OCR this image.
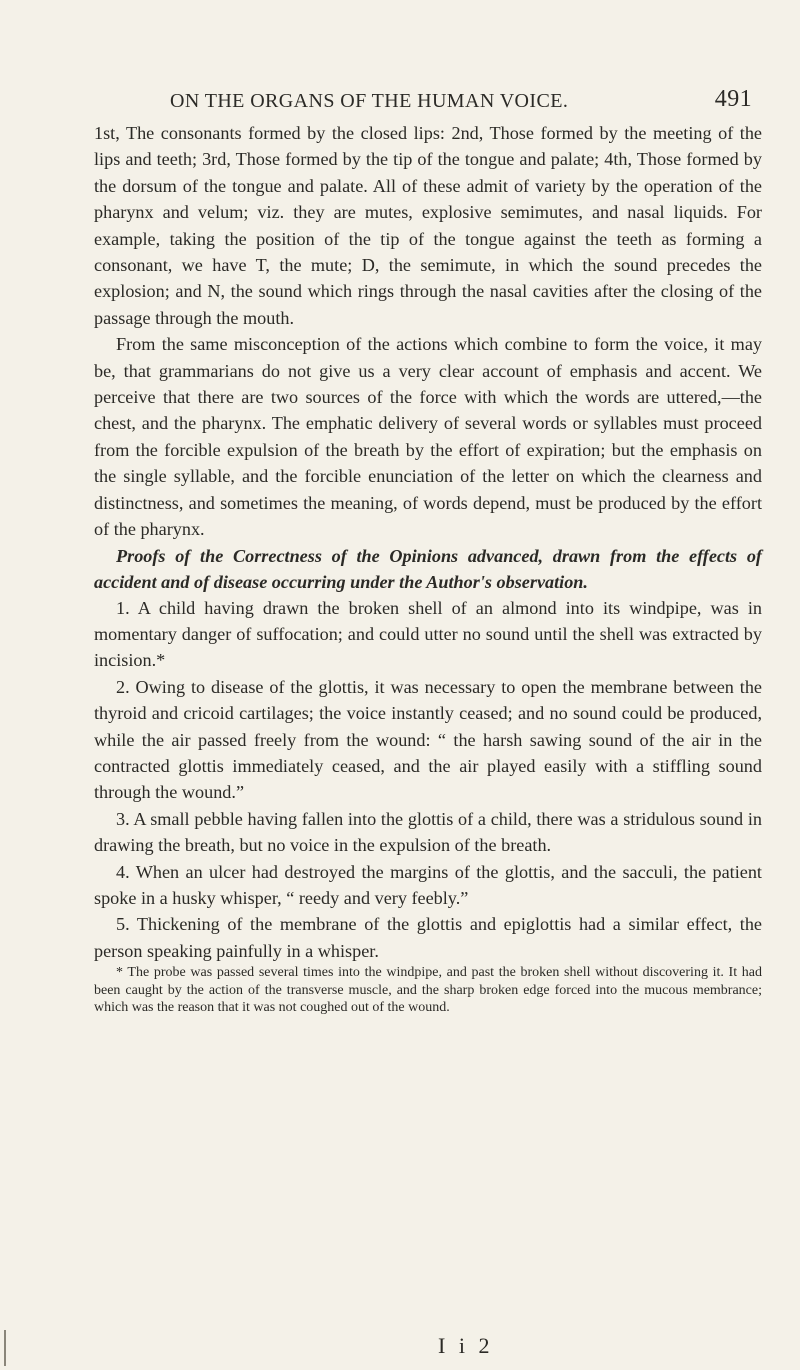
ON THE ORGANS OF THE HUMAN VOICE.	491

1st, The consonants formed by the closed lips: 2nd, Those formed by the meeting of the lips and teeth; 3rd, Those formed by the tip of the tongue and palate; 4th, Those formed by the dorsum of the tongue and palate. All of these admit of variety by the operation of the pharynx and velum; viz. they are mutes, explosive semimutes, and nasal liquids. For example, taking the position of the tip of the tongue against the teeth as forming a consonant, we have T, the mute; D, the semimute, in which the sound precedes the explosion; and N, the sound which rings through the nasal cavities after the closing of the passage through the mouth.

From the same misconception of the actions which combine to form the voice, it may be, that grammarians do not give us a very clear account of emphasis and accent. We perceive that there are two sources of the force with which the words are uttered,—the chest, and the pharynx. The emphatic delivery of several words or syllables must proceed from the forcible expulsion of the breath by the effort of expiration; but the emphasis on the single syllable, and the forcible enunciation of the letter on which the clearness and distinctness, and sometimes the meaning, of words depend, must be produced by the effort of the pharynx.

Proofs of the Correctness of the Opinions advanced, drawn from the effects of accident and of disease occurring under the Author's observation.

1. A child having drawn the broken shell of an almond into its windpipe, was in momentary danger of suffocation; and could utter no sound until the shell was extracted by incision.*

2. Owing to disease of the glottis, it was necessary to open the membrane between the thyroid and cricoid cartilages; the voice instantly ceased; and no sound could be produced, while the air passed freely from the wound: “ the harsh sawing sound of the air in the contracted glottis immediately ceased, and the air played easily with a stiffling sound through the wound.”

3. A small pebble having fallen into the glottis of a child, there was a stridulous sound in drawing the breath, but no voice in the expulsion of the breath.

4. When an ulcer had destroyed the margins of the glottis, and the sacculi, the patient spoke in a husky whisper, “ reedy and very feebly.”

5. Thickening of the membrane of the glottis and epiglottis had a similar effect, the person speaking painfully in a whisper.

* The probe was passed several times into the windpipe, and past the broken shell without discovering it. It had been caught by the action of the transverse muscle, and the sharp broken edge forced into the mucous membrance; which was the reason that it was not coughed out of the wound.

I i 2
